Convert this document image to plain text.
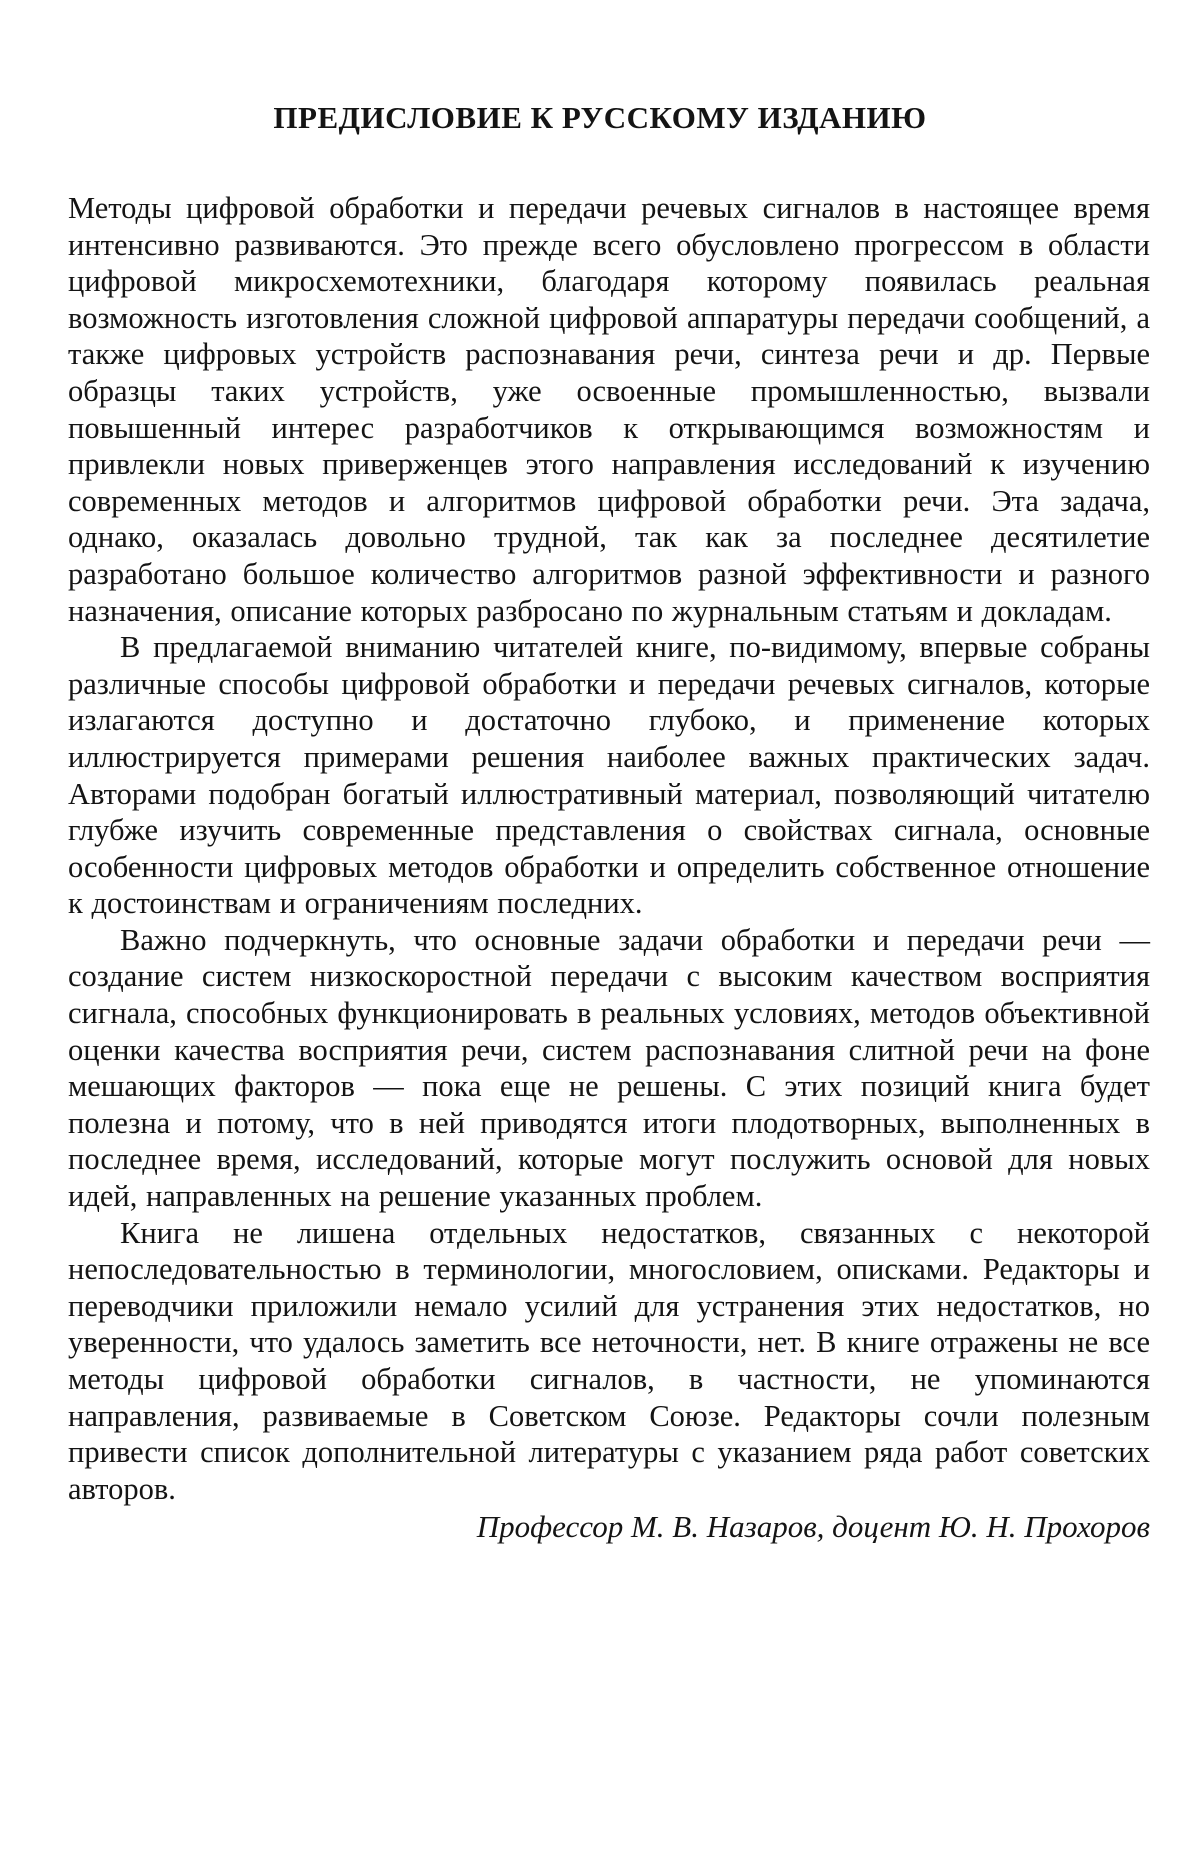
ПРЕДИСЛОВИЕ К РУССКОМУ ИЗДАНИЮ

Методы цифровой обработки и передачи речевых сигналов в настоящее время интенсивно развиваются. Это прежде всего обусловлено прогрессом в области цифровой микросхемотехники, благодаря которому появилась реальная возможность изготовления сложной цифровой аппаратуры передачи сообщений, а также цифровых устройств распознавания речи, синтеза речи и др. Первые образцы таких устройств, уже освоенные промышленностью, вызвали повышенный интерес разработчиков к открывающимся возможностям и привлекли новых приверженцев этого направления исследований к изучению современных методов и алгоритмов цифровой обработки речи. Эта задача, однако, оказалась довольно трудной, так как за последнее десятилетие разработано большое количество алгоритмов разной эффективности и разного назначения, описание которых разбросано по журнальным статьям и докладам.

В предлагаемой вниманию читателей книге, по-видимому, впервые собраны различные способы цифровой обработки и передачи речевых сигналов, которые излагаются доступно и достаточно глубоко, и применение которых иллюстрируется примерами решения наиболее важных практических задач. Авторами подобран богатый иллюстративный материал, позволяющий читателю глубже изучить современные представления о свойствах сигнала, основные особенности цифровых методов обработки и определить собственное отношение к достоинствам и ограничениям последних.

Важно подчеркнуть, что основные задачи обработки и передачи речи — создание систем низкоскоростной передачи с высоким качеством восприятия сигнала, способных функционировать в реальных условиях, методов объективной оценки качества восприятия речи, систем распознавания слитной речи на фоне мешающих факторов — пока еще не решены. С этих позиций книга будет полезна и потому, что в ней приводятся итоги плодотворных, выполненных в последнее время, исследований, которые могут послужить основой для новых идей, направленных на решение указанных проблем.

Книга не лишена отдельных недостатков, связанных с некоторой непоследовательностью в терминологии, многословием, описками. Редакторы и переводчики приложили немало усилий для устранения этих недостатков, но уверенности, что удалось заметить все неточности, нет. В книге отражены не все методы цифровой обработки сигналов, в частности, не упоминаются направления, развиваемые в Советском Союзе. Редакторы сочли полезным привести список дополнительной литературы с указанием ряда работ советских авторов.

Профессор М. В. Назаров, доцент Ю. Н. Прохоров
